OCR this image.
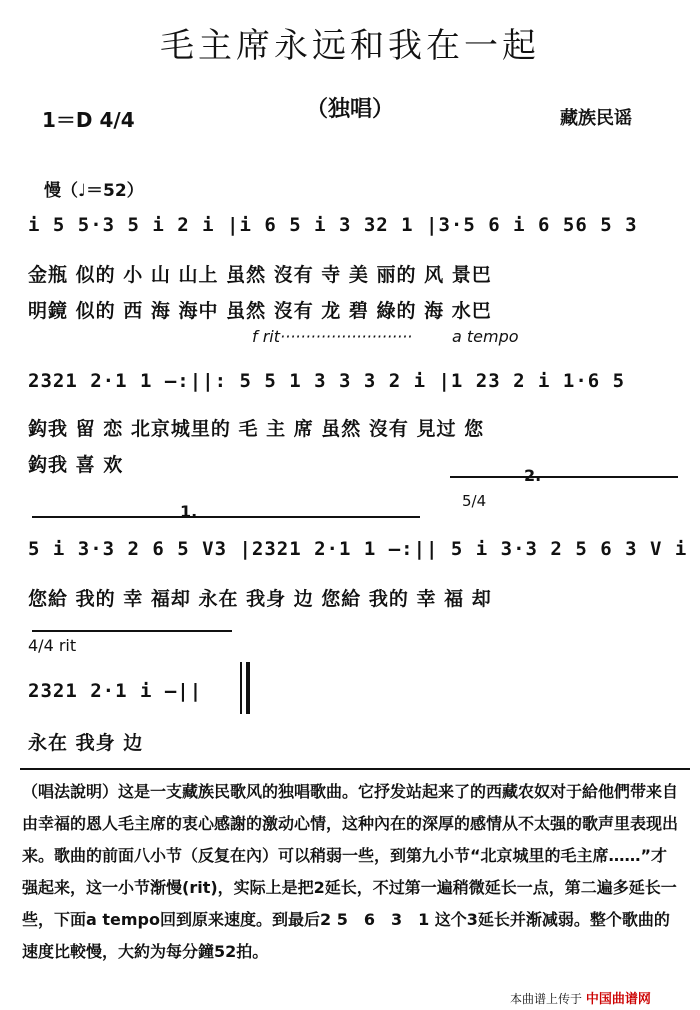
毛主席永远和我在一起
（独唱）
1＝D 4/4	藏族民谣
慢（♩＝52）
i 5 5·3 5 i 2 i |i 6 5 i 3 32 1 |3·5 6 i 6 56 5 3
金瓶 似的 小 山 山上 虽然 沒有 寺 美 丽的 风 景巴
明鏡 似的 西 海 海中 虽然 沒有 龙 碧 綠的 海 水巴
f rit·························· a tempo
2321 2·1 1 —:||: 5 5 1 3 3 3 2 i |1 23 2 i 1·6 5
鈎我 留 恋 北京城里的 毛 主 席 虽然 沒有 見过 您
鈎我 喜 欢
1.
2.
5/4
5 i 3·3 2 6 5 V3 |2321 2·1 1 —:|| 5 i 3·3 2 5 6 3 V i
您給 我的 幸 福却 永在 我身 边 您給 我的 幸 福 却
4/4 rit
2321 2·1 i —||
永在 我身 边
（唱法說明）这是一支藏族民歌风的独唱歌曲。它抒发站起来了的西藏农奴对于給他們带来自由幸福的恩人毛主席的衷心感謝的激动心情，这种內在的深厚的感情从不太强的歌声里表现出来。歌曲的前面八小节（反复在內）可以稍弱一些，到第九小节“北京城里的毛主席……”才强起来，这一小节渐慢(rit)，实际上是把2延长，不过第一遍稍微延长一点，第二遍多延长一些，下面a tempo回到原来速度。到最后2 5　6　3　1 这个3延长并渐减弱。整个歌曲的速度比較慢，大約为每分鐘52拍。
本曲谱上传于 中国曲谱网
